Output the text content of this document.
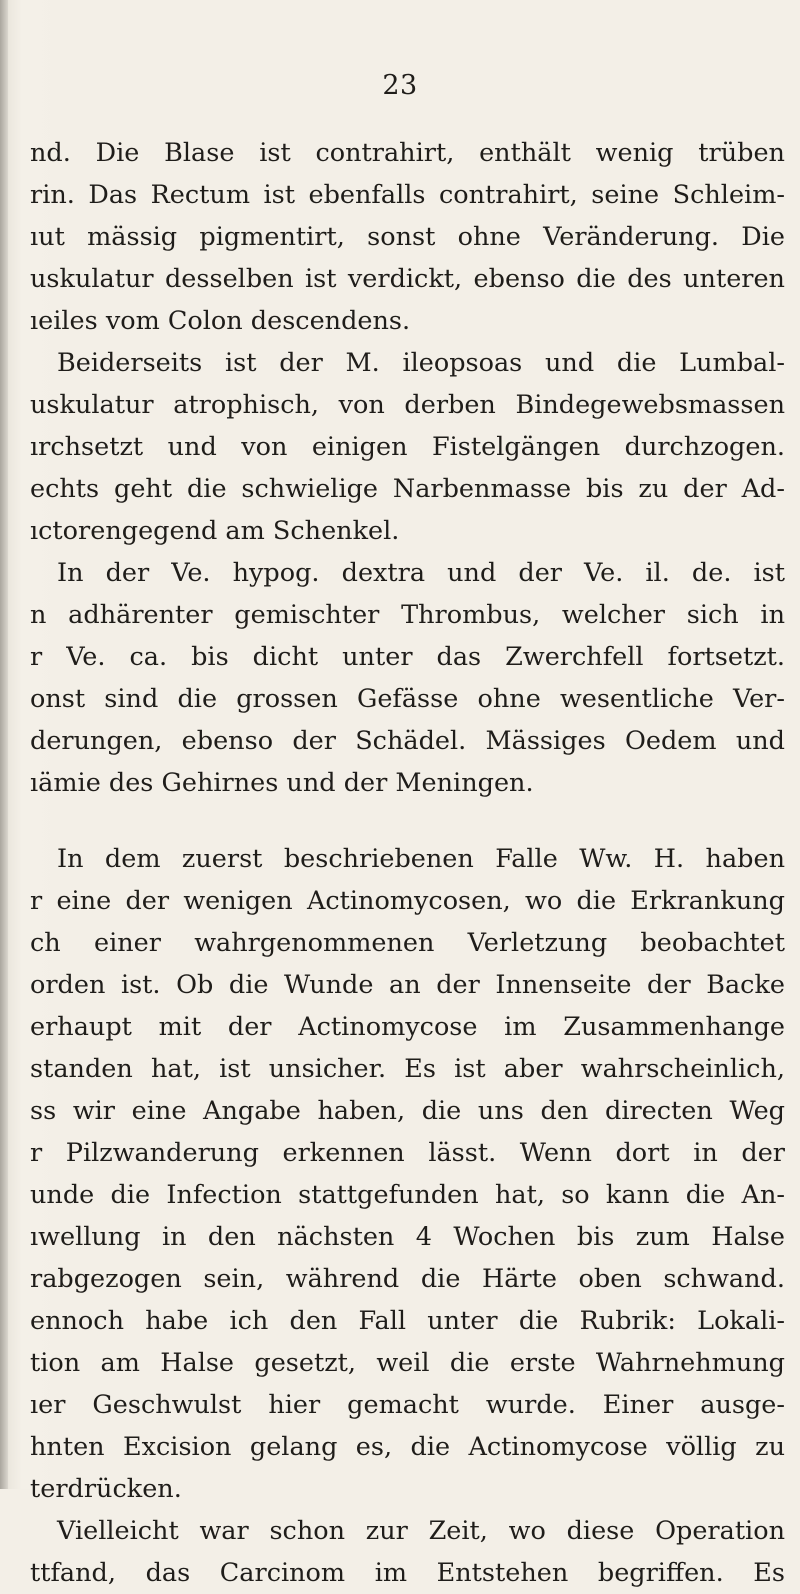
23
nd. Die Blase ist contrahirt, enthält wenig trüben
rin. Das Rectum ist ebenfalls contrahirt, seine Schleim-
ıut mässig pigmentirt, sonst ohne Veränderung. Die
uskulatur desselben ist verdickt, ebenso die des unteren
ıeiles vom Colon descendens.
Beiderseits ist der M. ileopsoas und die Lumbal-
uskulatur atrophisch, von derben Bindegewebsmassen
ırchsetzt und von einigen Fistelgängen durchzogen.
echts geht die schwielige Narbenmasse bis zu der Ad-
ıctorengegend am Schenkel.
In der Ve. hypog. dextra und der Ve. il. de. ist
n adhärenter gemischter Thrombus, welcher sich in
r Ve. ca. bis dicht unter das Zwerchfell fortsetzt.
onst sind die grossen Gefässe ohne wesentliche Ver-
derungen, ebenso der Schädel. Mässiges Oedem und
ıämie des Gehirnes und der Meningen.
In dem zuerst beschriebenen Falle Ww. H. haben
r eine der wenigen Actinomycosen, wo die Erkrankung
ch einer wahrgenommenen Verletzung beobachtet
orden ist. Ob die Wunde an der Innenseite der Backe
erhaupt mit der Actinomycose im Zusammenhange
standen hat, ist unsicher. Es ist aber wahrscheinlich,
ss wir eine Angabe haben, die uns den directen Weg
r Pilzwanderung erkennen lässt. Wenn dort in der
unde die Infection stattgefunden hat, so kann die An-
ıwellung in den nächsten 4 Wochen bis zum Halse
rabgezogen sein, während die Härte oben schwand.
ennoch habe ich den Fall unter die Rubrik: Lokali-
tion am Halse gesetzt, weil die erste Wahrnehmung
ıer Geschwulst hier gemacht wurde. Einer ausge-
hnten Excision gelang es, die Actinomycose völlig zu
terdrücken.
Vielleicht war schon zur Zeit, wo diese Operation
ttfand, das Carcinom im Entstehen begriffen. Es
